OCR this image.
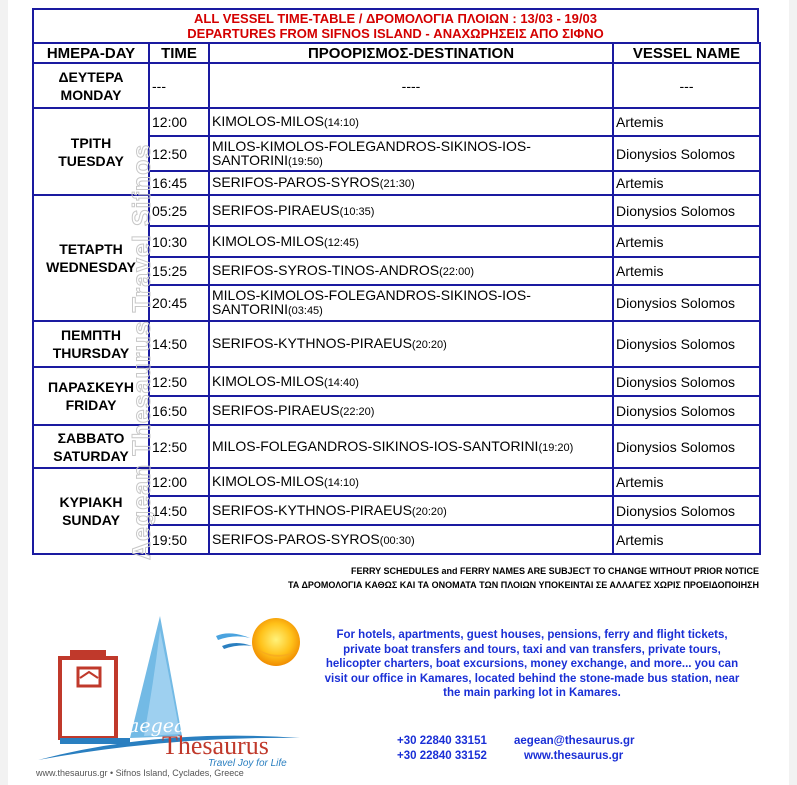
ALL VESSEL TIME-TABLE / ΔΡΟΜΟΛΟΓΙΑ ΠΛΟΙΩΝ : 13/03 - 19/03
DEPARTURES FROM SIFNOS ISLAND - ΑΝΑΧΩΡΗΣΕΙΣ ΑΠΟ ΣΙΦΝΟ
ΗΜΕΡΑ-DAY	TIME	ΠΡΟΟΡΙΣΜΟΣ-DESTINATION	VESSEL NAME
ΔΕΥΤΕΡΑ
MONDAY	---	----	---
ΤΡΙΤΗ
TUESDAY	12:00	KIMOLOS-MILOS(14:10)	Artemis
	12:50	MILOS-KIMOLOS-FOLEGANDROS-SIKINOS-IOS-SANTORINI(19:50)	Dionysios Solomos
	16:45	SERIFOS-PAROS-SYROS(21:30)	Artemis
ΤΕΤΑΡΤΗ
WEDNESDAY	05:25	SERIFOS-PIRAEUS(10:35)	Dionysios Solomos
	10:30	KIMOLOS-MILOS(12:45)	Artemis
	15:25	SERIFOS-SYROS-TINOS-ANDROS(22:00)	Artemis
	20:45	MILOS-KIMOLOS-FOLEGANDROS-SIKINOS-IOS-SANTORINI(03:45)	Dionysios Solomos
ΠΕΜΠΤΗ
THURSDAY	14:50	SERIFOS-KYTHNOS-PIRAEUS(20:20)	Dionysios Solomos
ΠΑΡΑΣΚΕΥΗ
FRIDAY	12:50	KIMOLOS-MILOS(14:40)	Dionysios Solomos
	16:50	SERIFOS-PIRAEUS(22:20)	Dionysios Solomos
ΣΑΒΒΑΤΟ
SATURDAY	12:50	MILOS-FOLEGANDROS-SIKINOS-IOS-SANTORINI(19:20)	Dionysios Solomos
ΚΥΡΙΑΚΗ
SUNDAY	12:00	KIMOLOS-MILOS(14:10)	Artemis
	14:50	SERIFOS-KYTHNOS-PIRAEUS(20:20)	Dionysios Solomos
	19:50	SERIFOS-PAROS-SYROS(00:30)	Artemis
Aegean Thesaurus Travel Sifnos
FERRY SCHEDULES and FERRY NAMES ARE SUBJECT TO CHANGE WITHOUT PRIOR NOTICE
ΤΑ ΔΡΟΜΟΛΟΓΙΑ ΚΑΘΩΣ ΚΑΙ ΤΑ ΟΝΟΜΑΤΑ ΤΩΝ ΠΛΟΙΩΝ ΥΠΟΚΕΙΝΤΑΙ ΣΕ ΑΛΛΑΓΕΣ ΧΩΡΙΣ ΠΡΟΕΙΔΟΠΟΙΗΣΗ
aegean
Thesaurus
Travel Joy for Life
www.thesaurus.gr • Sifnos Island, Cyclades, Greece
For hotels, apartments, guest houses, pensions, ferry and flight tickets, private boat transfers and tours, taxi and van transfers, private tours, helicopter charters, boat excursions, money exchange, and more... you can visit our office in Kamares, located behind the stone-made bus station, near the main parking lot in Kamares.
+30 22840 33151
+30 22840 33152
aegean@thesaurus.gr
www.thesaurus.gr
